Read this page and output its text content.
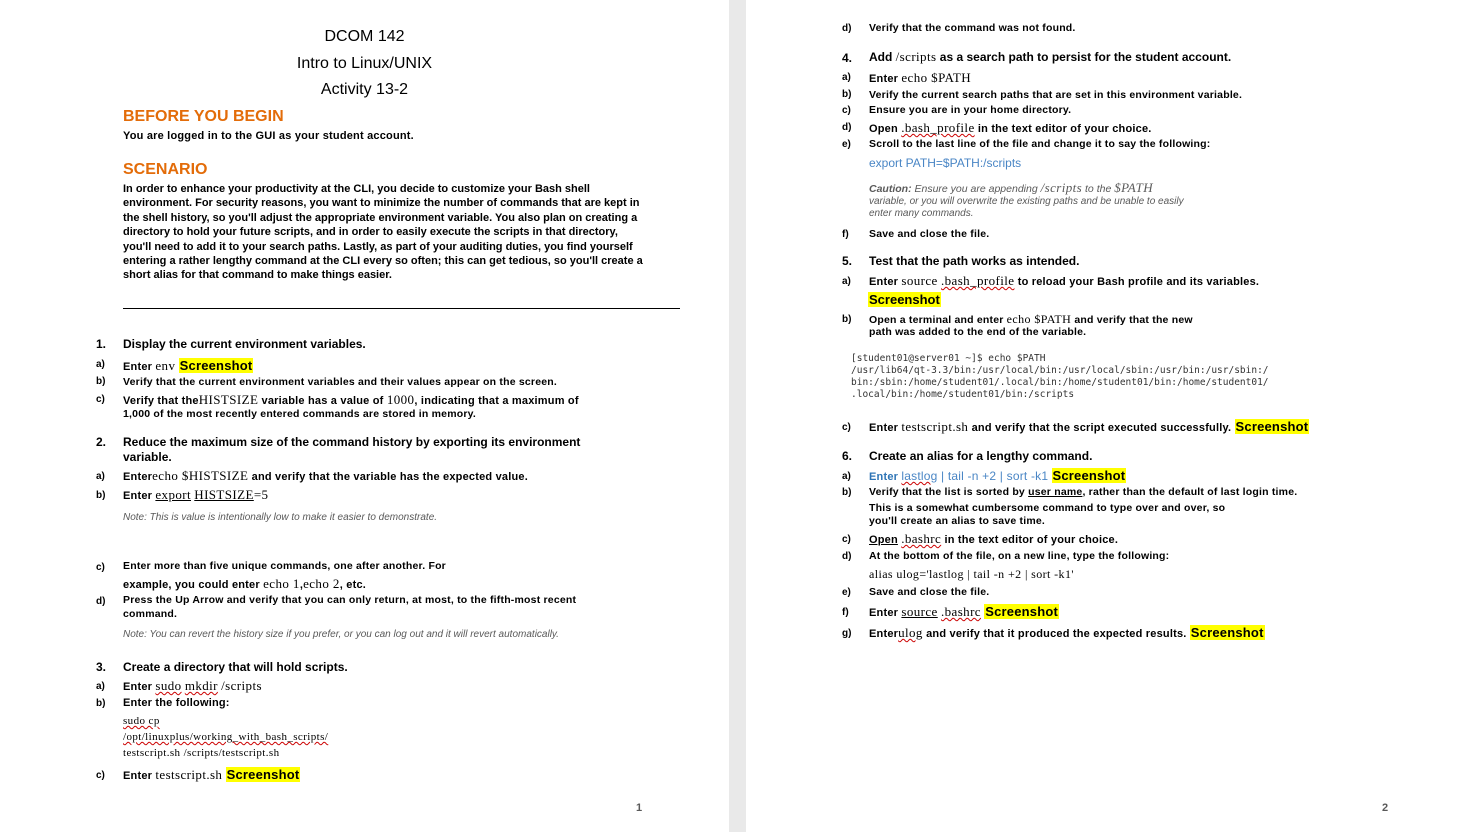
DCOM 142
Intro to Linux/UNIX
Activity 13-2
BEFORE YOU BEGIN
You are logged in to the GUI as your student account.
SCENARIO
In order to enhance your productivity at the CLI, you decide to customize your Bash shell environment. For security reasons, you want to minimize the number of commands that are kept in the shell history, so you'll adjust the appropriate environment variable. You also plan on creating a directory to hold your future scripts, and in order to easily execute the scripts in that directory, you'll need to add it to your search paths. Lastly, as part of your auditing duties, you find yourself entering a rather lengthy command at the CLI every so often; this can get tedious, so you'll create a short alias for that command to make things easier.
1. Display the current environment variables.
a) Enter env Screenshot
b) Verify that the current environment variables and their values appear on the screen.
c) Verify that theHISTSIZE variable has a value of 1000, indicating that a maximum of
1,000 of the most recently entered commands are stored in memory.
2. Reduce the maximum size of the command history by exporting its environment
variable.
a) Enterecho $HISTSIZE and verify that the variable has the expected value.
b) Enter export HISTSIZE=5
Note: This is value is intentionally low to make it easier to demonstrate.
c) Enter more than five unique commands, one after another. For
example, you could enter echo 1,echo 2, etc.
d) Press the Up Arrow and verify that you can only return, at most, to the fifth-most recent
command.
Note: You can revert the history size if you prefer, or you can log out and it will revert automatically.
3. Create a directory that will hold scripts.
a) Enter sudo mkdir /scripts
b) Enter the following:
sudo cp
/opt/linuxplus/working_with_bash_scripts/
testscript.sh /scripts/testscript.sh
c) Enter testscript.sh Screenshot
1
d) Verify that the command was not found.
4. Add /scripts as a search path to persist for the student account.
a) Enter echo $PATH
b) Verify the current search paths that are set in this environment variable.
c) Ensure you are in your home directory.
d) Open .bash_profile in the text editor of your choice.
e) Scroll to the last line of the file and change it to say the following:
export PATH=$PATH:/scripts
Caution: Ensure you are appending /scripts to the $PATH
variable, or you will overwrite the existing paths and be unable to easily
enter many commands.
f) Save and close the file.
5. Test that the path works as intended.
a) Enter source .bash_profile to reload your Bash profile and its variables.
Screenshot
b) Open a terminal and enter echo $PATH and verify that the new
path was added to the end of the variable.
[student01@server01 ~]$ echo $PATH
/usr/lib64/qt-3.3/bin:/usr/local/bin:/usr/local/sbin:/usr/bin:/usr/sbin:/
bin:/sbin:/home/student01/.local/bin:/home/student01/bin:/home/student01/
.local/bin:/home/student01/bin:/scripts
c) Enter testscript.sh and verify that the script executed successfully. Screenshot
6. Create an alias for a lengthy command.
a) Enter lastlog | tail -n +2 | sort -k1 Screenshot
b) Verify that the list is sorted by user name, rather than the default of last login time.
This is a somewhat cumbersome command to type over and over, so
you'll create an alias to save time.
c) Open .bashrc in the text editor of your choice.
d) At the bottom of the file, on a new line, type the following:
alias ulog='lastlog | tail -n +2 | sort -k1'
e) Save and close the file.
f) Enter source .bashrc Screenshot
g) Enterulog and verify that it produced the expected results. Screenshot
2
